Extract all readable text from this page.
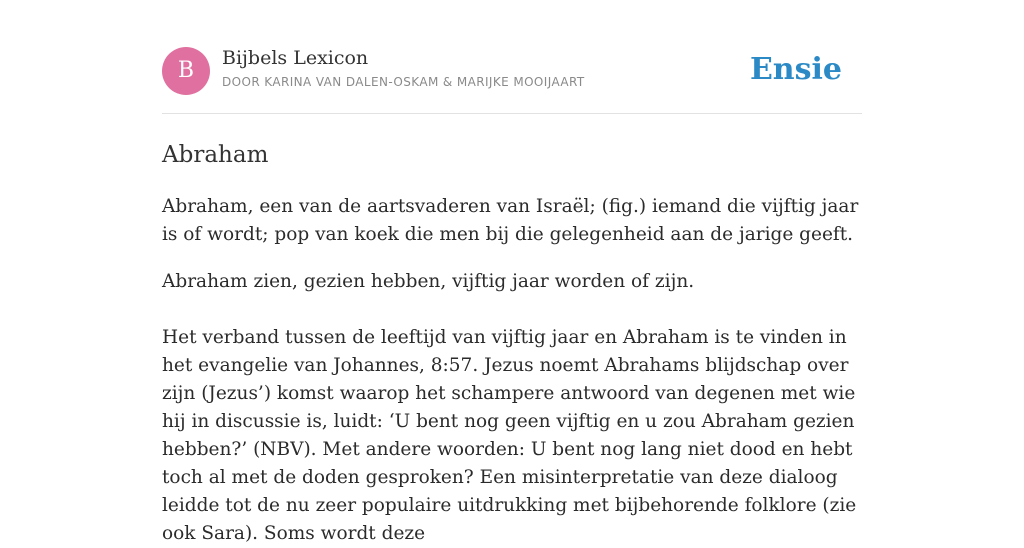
B	Bijbels Lexicon
DOOR KARINA VAN DALEN-OSKAM & MARIJKE MOOIJAART	Ensie
Abraham

Abraham, een van de aartsvaderen van Israël; (fig.) iemand die vijftig jaar is of wordt; pop van koek die men bij die gelegenheid aan de jarige geeft.

Abraham zien, gezien hebben, vijftig jaar worden of zijn.

Het verband tussen de leeftijd van vijftig jaar en Abraham is te vinden in het evangelie van Johannes, 8:57. Jezus noemt Abrahams blijdschap over zijn (Jezus’) komst waarop het schampere antwoord van degenen met wie hij in discussie is, luidt: ‘U bent nog geen vijftig en u zou Abraham gezien hebben?’ (NBV). Met andere woorden: U bent nog lang niet dood en hebt toch al met de doden gesproken? Een misinterpretatie van deze dialoog leidde tot de nu zeer populaire uitdrukking met bijbehorende folklore (zie ook Sara). Soms wordt deze
